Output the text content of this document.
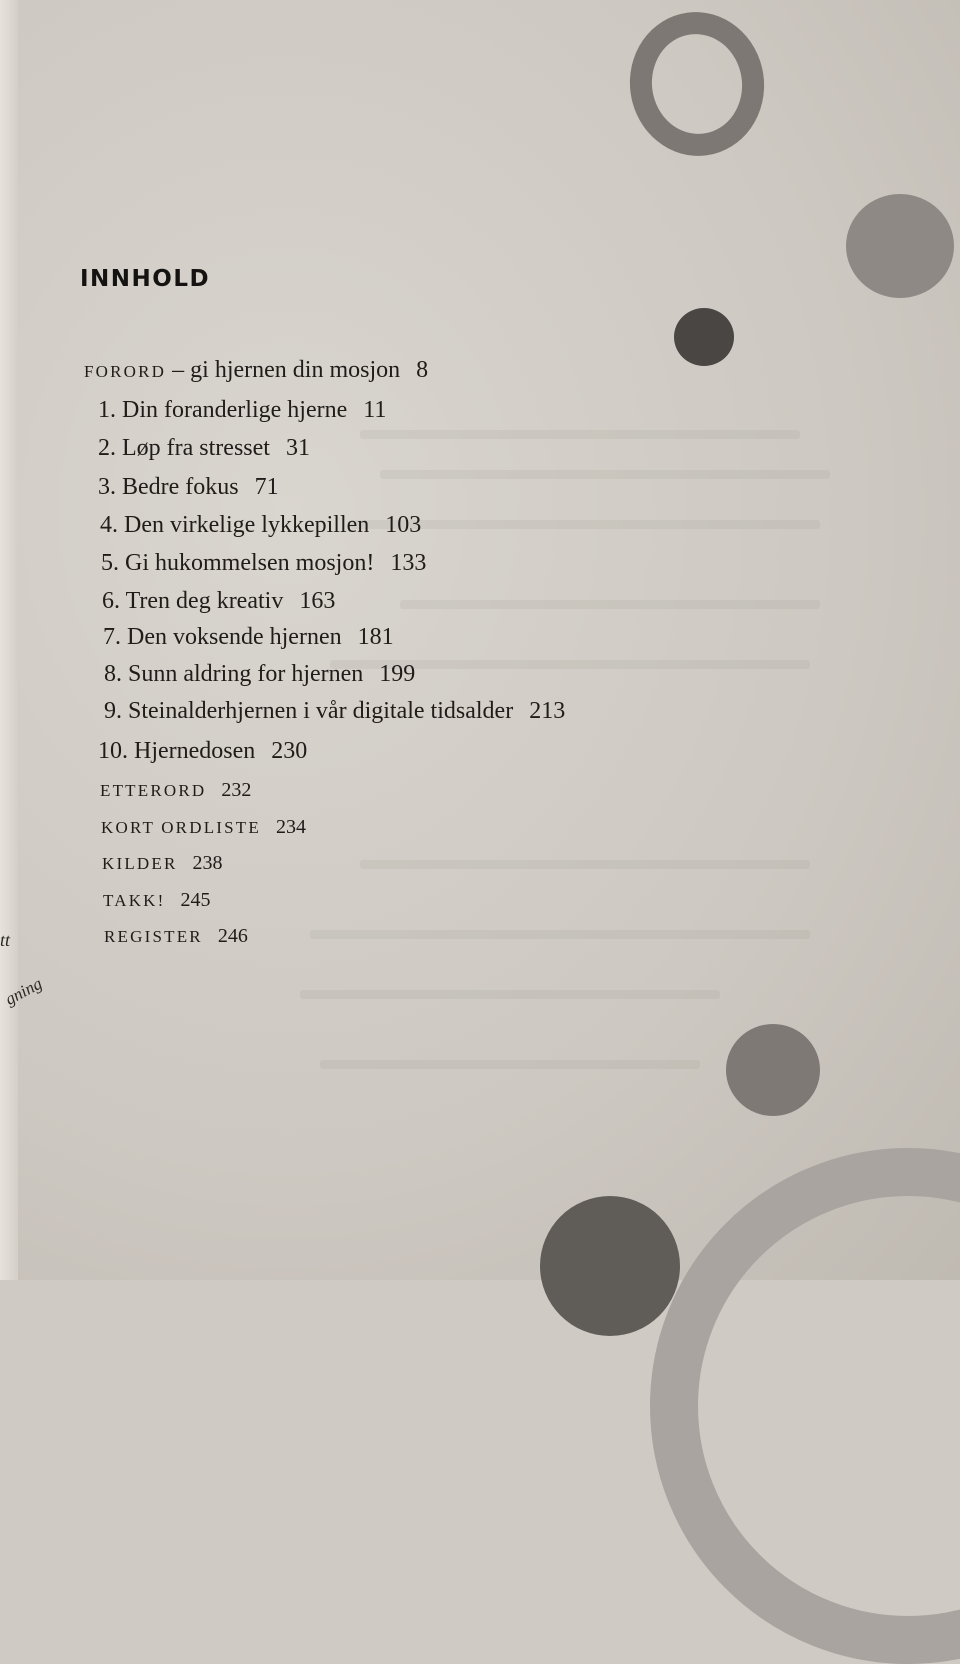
INNHOLD
FORORD – gi hjernen din mosjon 8
1. Din foranderlige hjerne 11
2. Løp fra stresset 31
3. Bedre fokus 71
4. Den virkelige lykkepillen 103
5. Gi hukommelsen mosjon! 133
6. Tren deg kreativ 163
7. Den voksende hjernen 181
8. Sunn aldring for hjernen 199
9. Steinalderhjernen i vår digitale tidsalder 213
10. Hjernedosen 230
ETTERORD 232
KORT ORDLISTE 234
KILDER 238
TAKK! 245
REGISTER 246
tt
gning
